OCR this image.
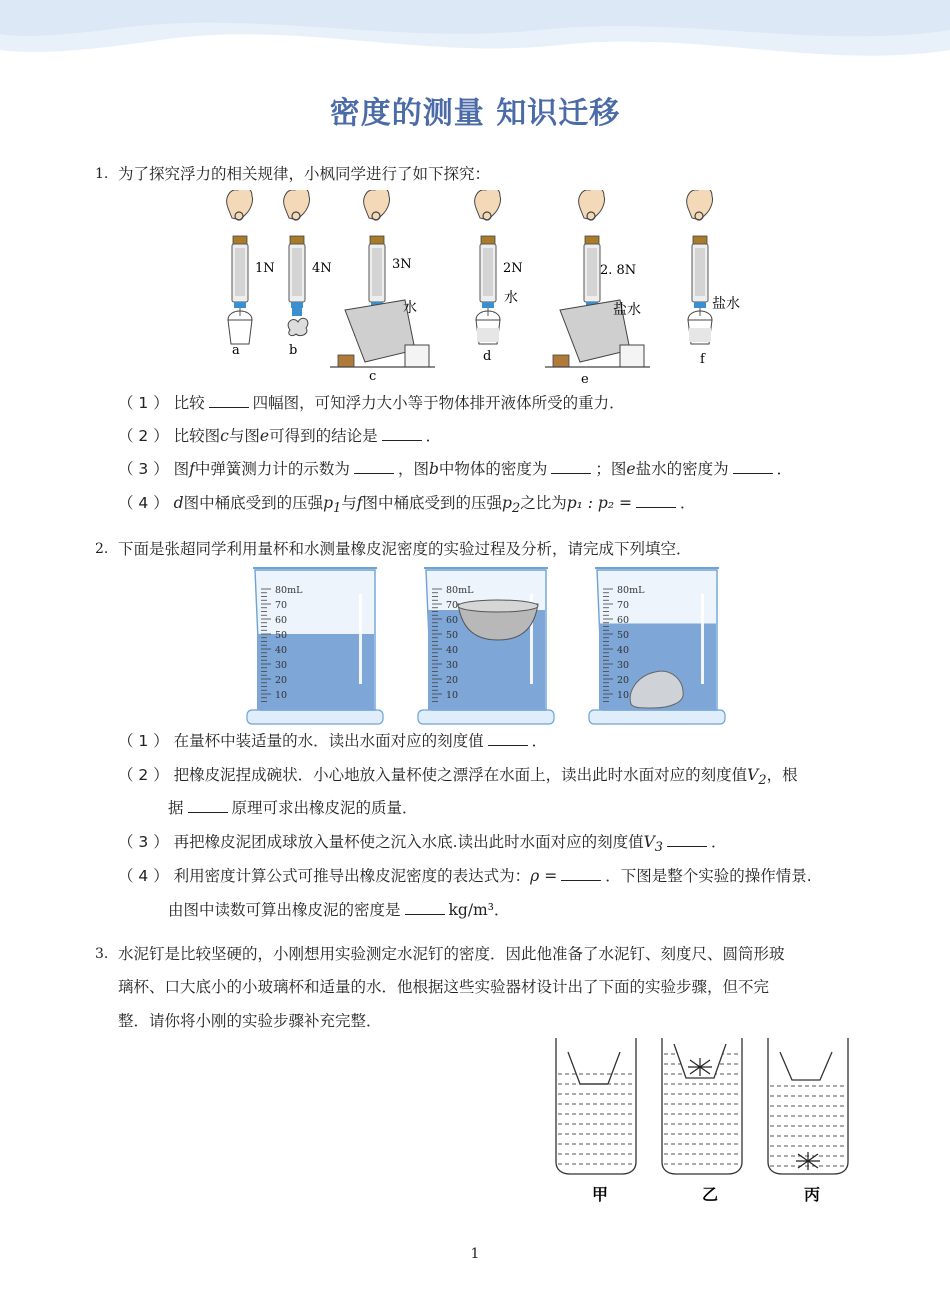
密度的测量 知识迁移
1. 为了探究浮力的相关规律，小枫同学进行了如下探究：
1N	4N	3N	2N	2. 8N
水
水
盐水	盐水
a	b
c
d
e
f
（ 1 ） 比较	四幅图，可知浮力大小等于物体排开液体所受的重力．
（ 2 ） 比较图c与图e可得到的结论是	．
（ 3 ） 图f中弹簧测力计的示数为	，图b中物体的密度为	；图e盐水的密度为	．
（ 4 ） d图中桶底受到的压强$p_1$与f图中桶底受到的压强$p_2$之比为p₁ : p₂ =	．
2. 下面是张超同学利用量杯和水测量橡皮泥密度的实验过程及分析，请完成下列填空．
80mL
70
60
50
40
30
20
10
80mL
70
60
50
40
30
20
10
80mL
70
60
50
40
30
20
10
（ 1 ） 在量杯中装适量的水．读出水面对应的刻度值	．
（ 2 ） 把橡皮泥捏成碗状．小心地放入量杯使之漂浮在水面上，读出此时水面对应的刻度值$V_2$，根
据	原理可求出橡皮泥的质量．
（ 3 ） 再把橡皮泥团成球放入量杯使之沉入水底.读出此时水面对应的刻度值$V_3$	．
（ 4 ） 利用密度计算公式可推导出橡皮泥密度的表达式为：ρ =	．下图是整个实验的操作情景.
由图中读数可算出橡皮泥的密度是	kg/m³．
3. 水泥钉是比较坚硬的，小刚想用实验测定水泥钉的密度．因此他准备了水泥钉、刻度尺、圆筒形玻
璃杯、口大底小的小玻璃杯和适量的水．他根据这些实验器材设计出了下面的实验步骤，但不完
整．请你将小刚的实验步骤补充完整．
甲	乙	丙
1
